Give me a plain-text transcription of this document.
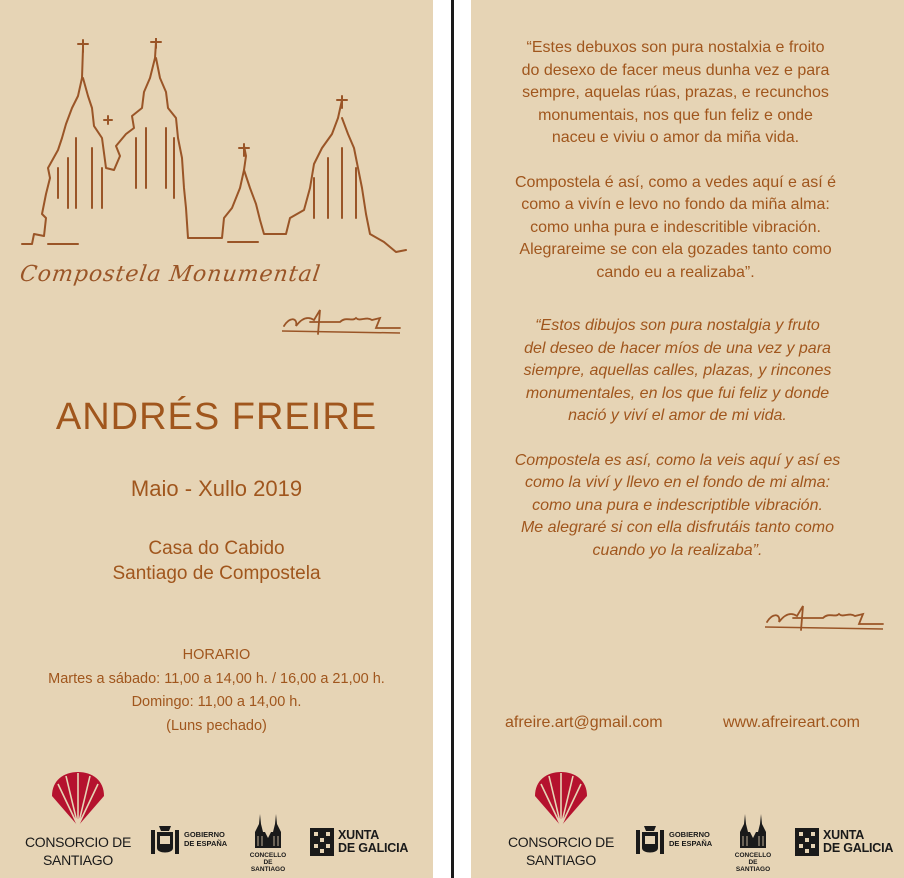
Compostela Monumental
ANDRÉS FREIRE
Maio - Xullo 2019
Casa do Cabido
Santiago de Compostela
HORARIO
Martes a sábado: 11,00 a 14,00 h. / 16,00 a 21,00 h.
Domingo: 11,00 a 14,00 h.
(Luns pechado)
CONSORCIO DE
SANTIAGO
GOBIERNO
DE ESPAÑA
CONCELLO DE
SANTIAGO
XUNTA
DE GALICIA
“Estes debuxos son pura nostalxia e froito
do desexo de facer meus dunha vez e para
sempre, aquelas rúas, prazas, e recunchos
monumentais, nos que fun feliz e onde
naceu e viviu o amor da miña vida.
Compostela é así, como a vedes aquí e así é
como a vivín e levo no fondo da miña alma:
como unha pura e indescritible vibración.
Alegrareime se con ela gozades tanto como
cando eu a realizaba”.
“Estos dibujos son pura nostalgia y fruto
del deseo de hacer míos de una vez y para
siempre, aquellas calles, plazas, y rincones
monumentales, en los que fui feliz y donde
nació y viví el amor de mi vida.
Compostela es así, como la veis aquí y así es
como la viví y llevo en el fondo de mi alma:
como una pura e indescriptible vibración.
Me alegraré si con ella disfrutáis tanto como
cuando yo la realizaba”.
afreire.art@gmail.com	www.afreireart.com
CONSORCIO DE
SANTIAGO
GOBIERNO
DE ESPAÑA
CONCELLO DE
SANTIAGO
XUNTA
DE GALICIA
